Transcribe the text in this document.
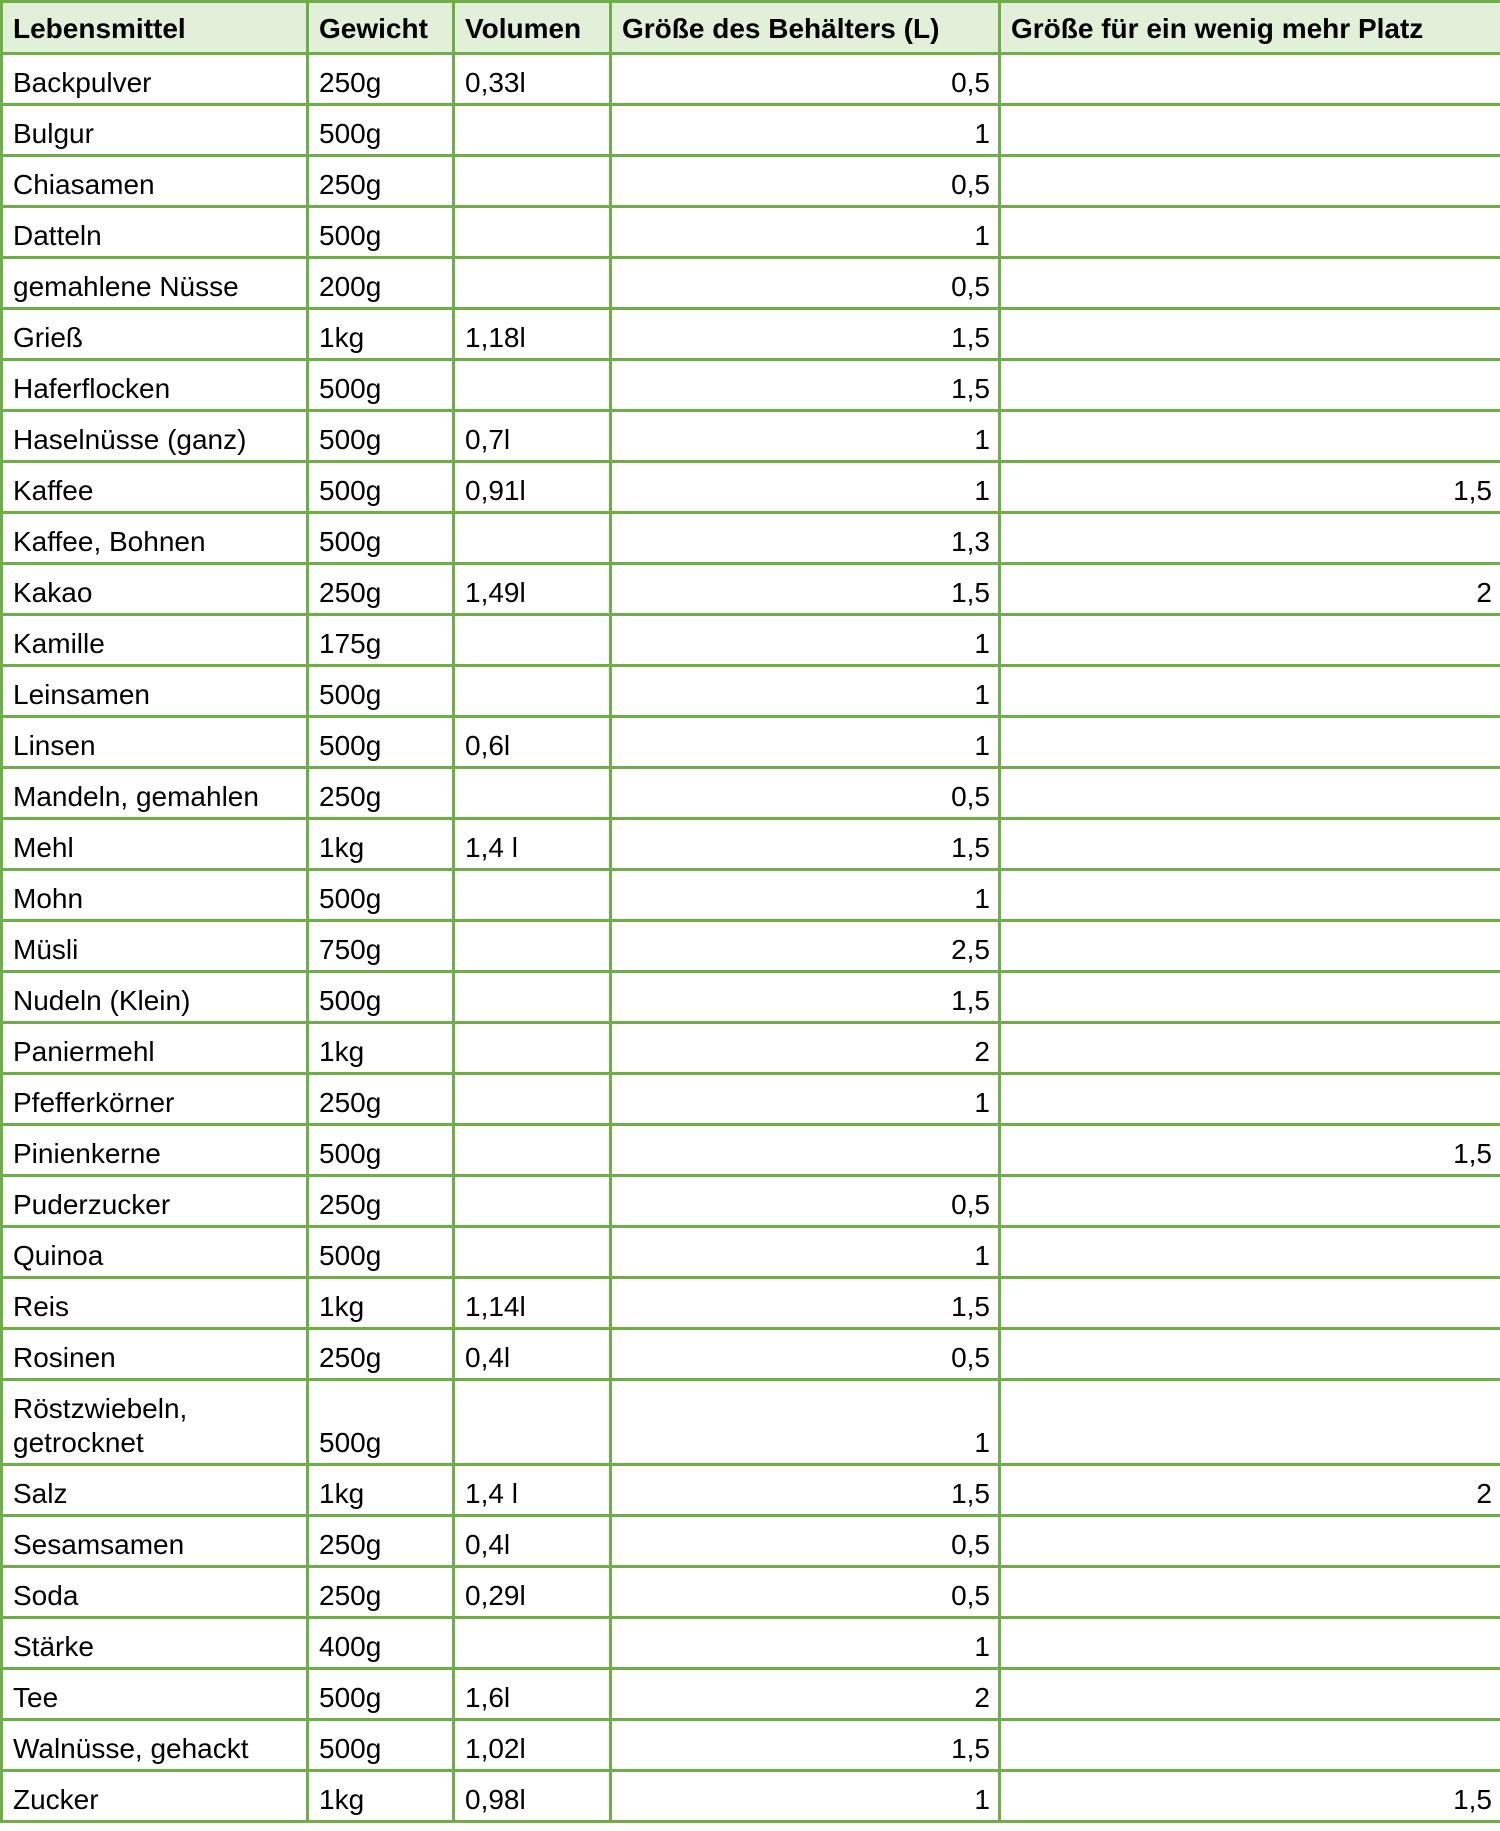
Lebensmittel	Gewicht	Volumen	Größe des Behälters (L)	Größe für ein wenig mehr Platz
Backpulver	250g	0,33l	0,5	
Bulgur	500g		1	
Chiasamen	250g		0,5	
Datteln	500g		1	
gemahlene Nüsse	200g		0,5	
Grieß	1kg	1,18l	1,5	
Haferflocken	500g		1,5	
Haselnüsse (ganz)	500g	0,7l	1	
Kaffee	500g	0,91l	1	1,5
Kaffee, Bohnen	500g		1,3	
Kakao	250g	1,49l	1,5	2
Kamille	175g		1	
Leinsamen	500g		1	
Linsen	500g	0,6l	1	
Mandeln, gemahlen	250g		0,5	
Mehl	1kg	1,4 l	1,5	
Mohn	500g		1	
Müsli	750g		2,5	
Nudeln (Klein)	500g		1,5	
Paniermehl	1kg		2	
Pfefferkörner	250g		1	
Pinienkerne	500g			1,5
Puderzucker	250g		0,5	
Quinoa	500g		1	
Reis	1kg	1,14l	1,5	
Rosinen	250g	0,4l	0,5	
Röstzwiebeln, getrocknet	500g		1	
Salz	1kg	1,4 l	1,5	2
Sesamsamen	250g	0,4l	0,5	
Soda	250g	0,29l	0,5	
Stärke	400g		1	
Tee	500g	1,6l	2	
Walnüsse, gehackt	500g	1,02l	1,5	
Zucker	1kg	0,98l	1	1,5
